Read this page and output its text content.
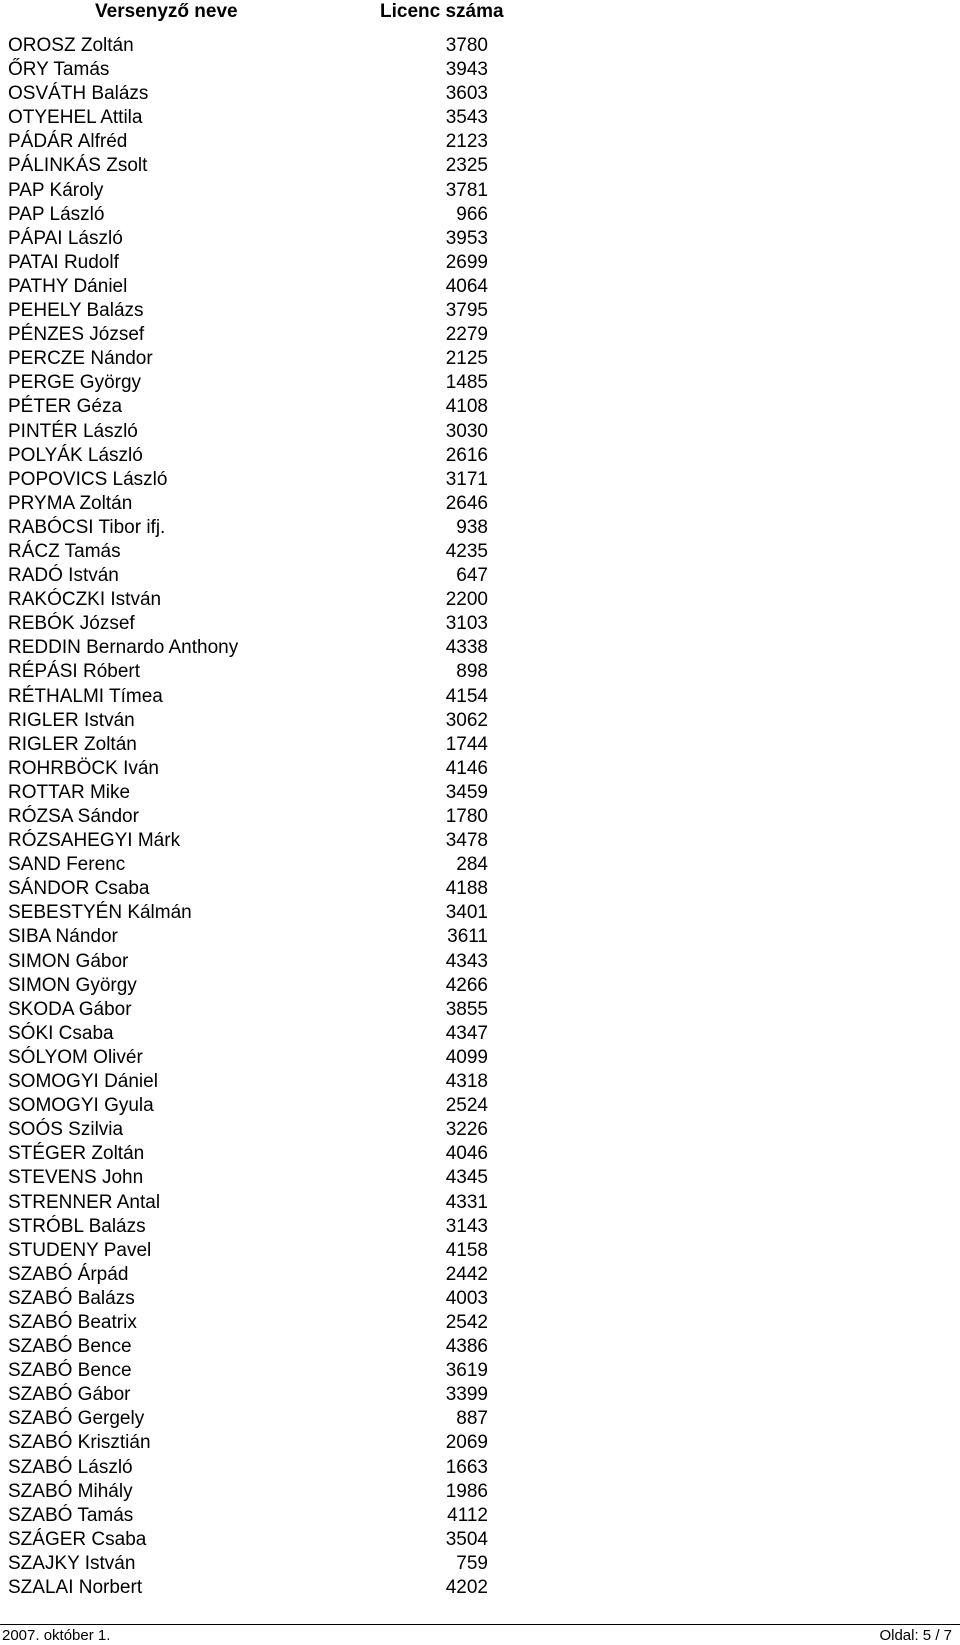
Versenyző neve	Licenc száma
OROSZ Zoltán	3780
ŐRY Tamás	3943
OSVÁTH Balázs	3603
OTYEHEL Attila	3543
PÁDÁR Alfréd	2123
PÁLINKÁS Zsolt	2325
PAP Károly	3781
PAP László	966
PÁPAI László	3953
PATAI Rudolf	2699
PATHY Dániel	4064
PEHELY Balázs	3795
PÉNZES József	2279
PERCZE Nándor	2125
PERGE György	1485
PÉTER Géza	4108
PINTÉR László	3030
POLYÁK László	2616
POPOVICS László	3171
PRYMA Zoltán	2646
RABÓCSI Tibor ifj.	938
RÁCZ Tamás	4235
RADÓ István	647
RAKÓCZKI István	2200
REBÓK József	3103
REDDIN Bernardo Anthony	4338
RÉPÁSI Róbert	898
RÉTHALMI Tímea	4154
RIGLER István	3062
RIGLER Zoltán	1744
ROHRBÖCK Iván	4146
ROTTAR Mike	3459
RÓZSA Sándor	1780
RÓZSAHEGYI Márk	3478
SAND Ferenc	284
SÁNDOR Csaba	4188
SEBESTYÉN Kálmán	3401
SIBA Nándor	3611
SIMON Gábor	4343
SIMON György	4266
SKODA Gábor	3855
SÓKI Csaba	4347
SÓLYOM Olivér	4099
SOMOGYI Dániel	4318
SOMOGYI Gyula	2524
SOÓS Szilvia	3226
STÉGER Zoltán	4046
STEVENS John	4345
STRENNER Antal	4331
STRÓBL Balázs	3143
STUDENY Pavel	4158
SZABÓ Árpád	2442
SZABÓ Balázs	4003
SZABÓ Beatrix	2542
SZABÓ Bence	4386
SZABÓ Bence	3619
SZABÓ Gábor	3399
SZABÓ Gergely	887
SZABÓ Krisztián	2069
SZABÓ László	1663
SZABÓ Mihály	1986
SZABÓ Tamás	4112
SZÁGER Csaba	3504
SZAJKY István	759
SZALAI Norbert	4202
2007. október 1.	Oldal: 5 / 7
